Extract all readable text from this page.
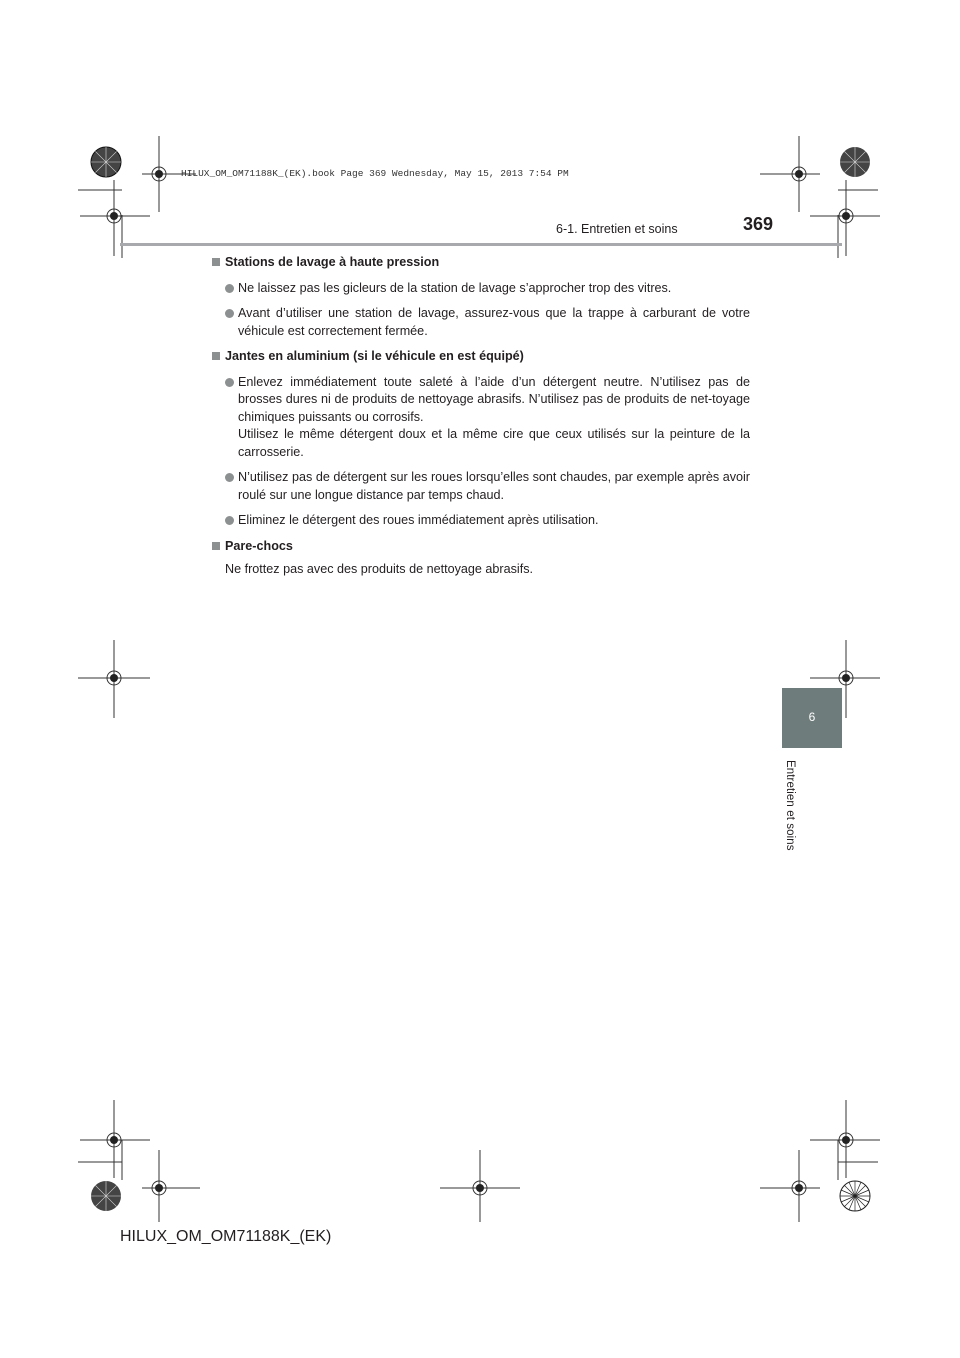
HILUX_OM_OM71188K_(EK).book Page 369 Wednesday, May 15, 2013 7:54 PM
369
6-1. Entretien et soins
6
Entretien et soins
Stations de lavage à haute pression

Ne laissez pas les gicleurs de la station de lavage s’approcher trop des vitres.

Avant d’utiliser une station de lavage, assurez-vous que la trappe à carburant de votre véhicule est correctement fermée.

Jantes en aluminium (si le véhicule en est équipé)

Enlevez immédiatement toute saleté à l’aide d’un détergent neutre. N’utilisez pas de brosses dures ni de produits de nettoyage abrasifs. N’utilisez pas de produits de net-toyage chimiques puissants ou corrosifs.

Utilisez le même détergent doux et la même cire que ceux utilisés sur la peinture de la carrosserie.

N’utilisez pas de détergent sur les roues lorsqu’elles sont chaudes, par exemple après avoir roulé sur une longue distance par temps chaud.

Eliminez le détergent des roues immédiatement après utilisation.

Pare-chocs
Ne frottez pas avec des produits de nettoyage abrasifs.
HILUX_OM_OM71188K_(EK)
